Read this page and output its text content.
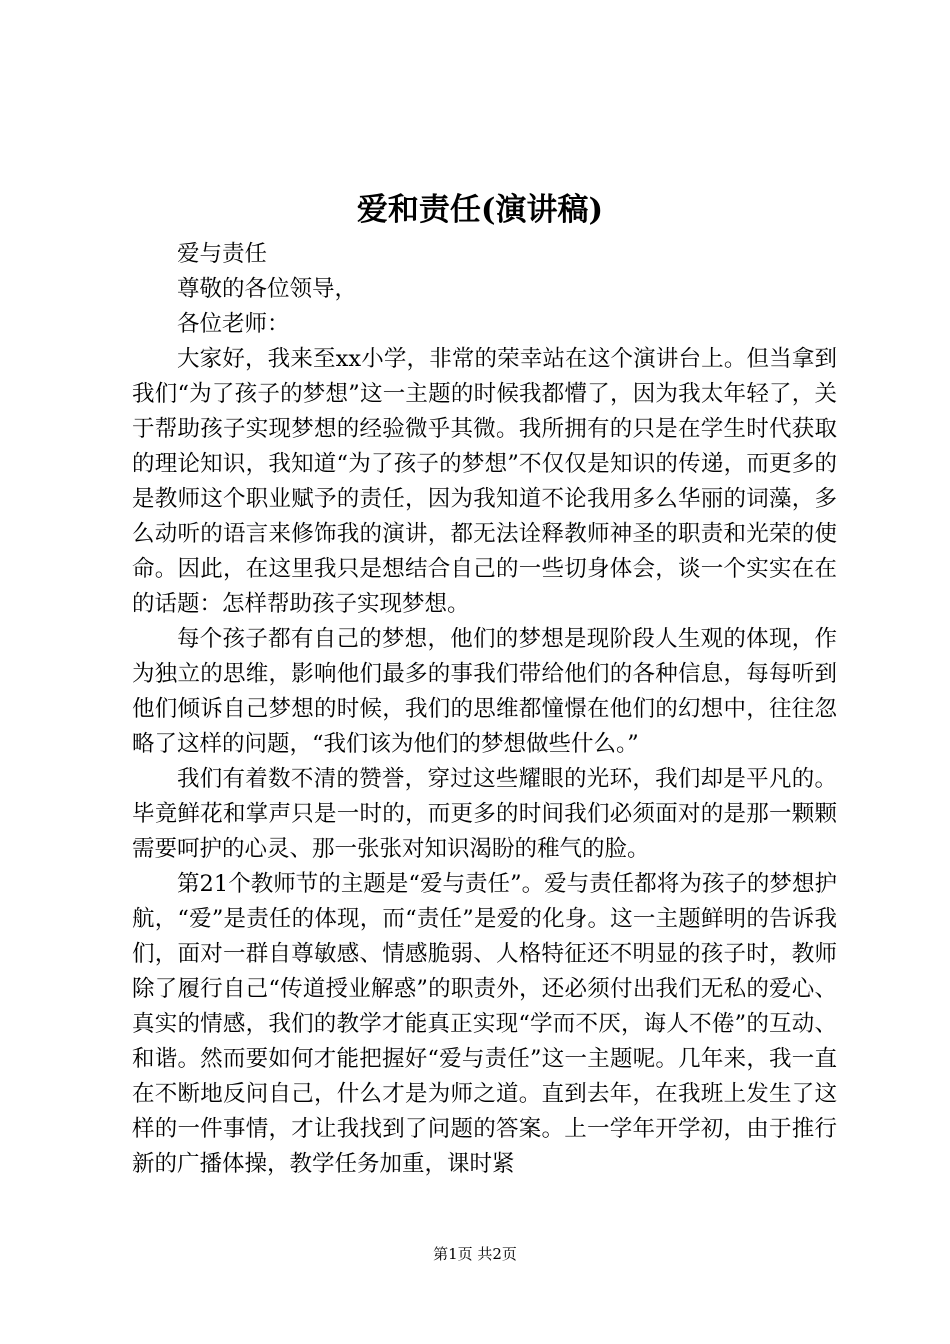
爱和责任(演讲稿)

爱与责任

尊敬的各位领导，

各位老师：

大家好，我来至xx小学，非常的荣幸站在这个演讲台上。但当拿到我们“为了孩子的梦想”这一主题的时候我都懵了，因为我太年轻了，关于帮助孩子实现梦想的经验微乎其微。我所拥有的只是在学生时代获取的理论知识，我知道“为了孩子的梦想”不仅仅是知识的传递，而更多的是教师这个职业赋予的责任，因为我知道不论我用多么华丽的词藻，多么动听的语言来修饰我的演讲，都无法诠释教师神圣的职责和光荣的使命。因此，在这里我只是想结合自己的一些切身体会，谈一个实实在在的话题：怎样帮助孩子实现梦想。

每个孩子都有自己的梦想，他们的梦想是现阶段人生观的体现，作为独立的思维，影响他们最多的事我们带给他们的各种信息，每每听到他们倾诉自己梦想的时候，我们的思维都憧憬在他们的幻想中，往往忽略了这样的问题，“我们该为他们的梦想做些什么。”

我们有着数不清的赞誉，穿过这些耀眼的光环，我们却是平凡的。毕竟鲜花和掌声只是一时的，而更多的时间我们必须面对的是那一颗颗需要呵护的心灵、那一张张对知识渴盼的稚气的脸。

第21个教师节的主题是“爱与责任”。爱与责任都将为孩子的梦想护航，“爱”是责任的体现，而“责任”是爱的化身。这一主题鲜明的告诉我们，面对一群自尊敏感、情感脆弱、人格特征还不明显的孩子时，教师除了履行自己“传道授业解惑”的职责外，还必须付出我们无私的爱心、真实的情感，我们的教学才能真正实现“学而不厌，诲人不倦”的互动、和谐。然而要如何才能把握好“爱与责任”这一主题呢。几年来，我一直在不断地反问自己，什么才是为师之道。直到去年，在我班上发生了这样的一件事情，才让我找到了问题的答案。上一学年开学初，由于推行新的广播体操，教学任务加重，课时紧

第1页 共2页
